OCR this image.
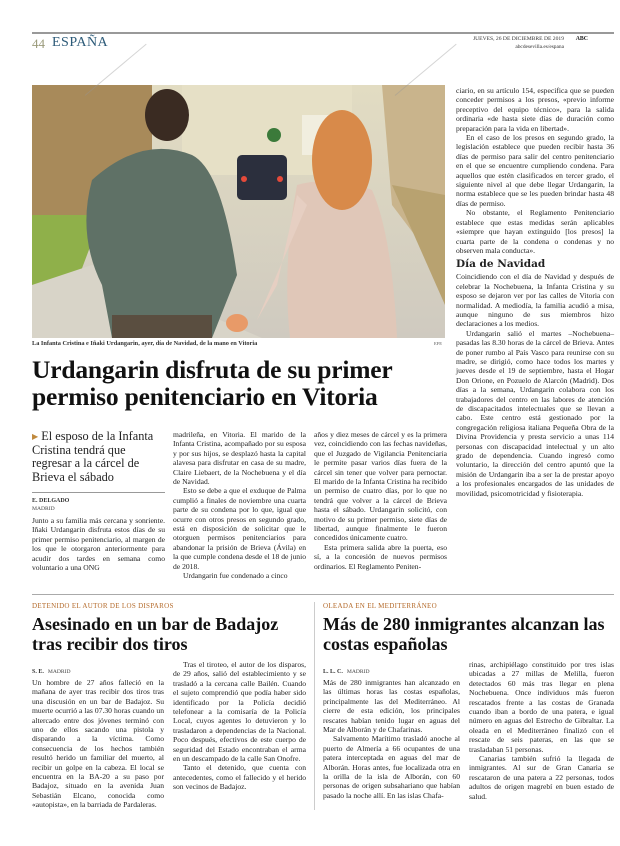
44 ESPAÑA	JUEVES, 26 DE DICIEMBRE DE 2019 ABC
abcdesevilla.es/espana
La Infanta Cristina e Iñaki Urdangarin, ayer, día de Navidad, de la mano en Vitoria	EFE
Urdangarin disfruta de su primer permiso penitenciario en Vitoria
▶ El esposo de la Infanta Cristina tendrá que regresar a la cárcel de Brieva el sábado
E. DELGADO
MADRID

Junto a su familia más cercana y sonriente. Iñaki Urdangarin disfruta estos días de su primer permiso penitenciario, al margen de los que le otorgaron anteriormente para acudir dos tardes en semana como voluntario a una ONG

madrileña, en Vitoria. El marido de la Infanta Cristina, acompañado por su esposa y por sus hijos, se desplazó hasta la capital alavesa para disfrutar en casa de su madre, Claire Liebaert, de la Nochebuena y el día de Navidad.

Esto se debe a que el exduque de Palma cumplió a finales de noviembre una cuarta parte de su condena por lo que, igual que ocurre con otros presos en segundo grado, está en disposición de solicitar que le otorguen permisos penitenciarios para abandonar la prisión de Brieva (Ávila) en la que cumple condena desde el 18 de junio de 2018.

Urdangarin fue condenado a cinco

años y diez meses de cárcel y es la primera vez, coincidiendo con las fechas navideñas, que el Juzgado de Vigilancia Penitenciaria le permite pasar varios días fuera de la cárcel sin tener que volver para pernoctar. El marido de la Infanta Cristina ha recibido un permiso de cuatro días, por lo que no tendrá que volver a la cárcel de Brieva hasta el sábado. Urdangarin solicitó, con motivo de su primer permiso, siete días de libertad, aunque finalmente le fueron concedidos únicamente cuatro.

Esta primera salida abre la puerta, eso sí, a la concesión de nuevos permisos ordinarios. El Reglamento Peniten-

ciario, en su artículo 154, especifica que se pueden conceder permisos a los presos, «previo informe preceptivo del equipo técnico», para la salida ordinaria «de hasta siete días de duración como preparación para la vida en libertad».

En el caso de los presos en segundo grado, la legislación establece que pueden recibir hasta 36 días de permiso para salir del centro penitenciario en el que se encuentre cumpliendo condena. Para aquellos que estén clasificados en tercer grado, el siguiente nivel al que debe llegar Urdangarin, la norma establece que se les pueden brindar hasta 48 días de permiso.

No obstante, el Reglamento Penitenciario establece que estas medidas serán aplicables «siempre que hayan extinguido [los presos] la cuarta parte de la condena o condenas y no observen mala conducta».

Día de Navidad

Coincidiendo con el día de Navidad y después de celebrar la Nochebuena, la Infanta Cristina y su esposo se dejaron ver por las calles de Vitoria con normalidad. A mediodía, la familia acudió a misa, aunque ninguno de sus miembros hizo declaraciones a los medios.

Urdangarin salió el martes –Nochebuena– pasadas las 8.30 horas de la cárcel de Brieva. Antes de poner rumbo al País Vasco para reunirse con su madre, se dirigió, como hace todos los martes y jueves desde el 19 de septiembre, hasta el Hogar Don Orione, en Pozuelo de Alarcón (Madrid). Dos días a la semana, Urdangarin colabora con los trabajadores del centro en las labores de atención de discapacitados intelectuales que se llevan a cabo. Este centro está gestionado por la congregación religiosa italiana Pequeña Obra de la Divina Providencia y presta servicio a unas 114 personas con discapacidad intelectual y un alto grado de dependencia. Cuando ingresó como voluntario, la dirección del centro apuntó que la misión de Urdangarin iba a ser la de prestar apoyo a los profesionales encargados de las unidades de movilidad, psicomotricidad y fisioterapia.

DETENIDO EL AUTOR DE LOS DISPAROS
Asesinado en un bar de Badajoz tras recibir dos tiros
S. E. MADRID

Un hombre de 27 años falleció en la mañana de ayer tras recibir dos tiros tras una discusión en un bar de Badajoz. Su muerte ocurrió a las 07.30 horas cuando un altercado entre dos jóvenes terminó con uno de ellos sacando una pistola y disparando a la víctima. Como consecuencia de los hechos también resultó herido un familiar del muerto, al recibir un golpe en la cabeza. El local se encuentra en la BA-20 a su paso por Badajoz, situado en la avenida Juan Sebastián Elcano, conocida como «autopista», en la barriada de Pardaleras.

Tras el tiroteo, el autor de los disparos, de 29 años, salió del establecimiento y se trasladó a la cercana calle Bailén. Cuando el sujeto comprendió que podía haber sido identificado por la Policía decidió telefonear a la comisaría de la Policía Local, cuyos agentes lo detuvieron y lo trasladaron a dependencias de la Nacional. Poco después, efectivos de este cuerpo de seguridad del Estado encontraban el arma en un descampado de la calle San Onofre.

Tanto el detenido, que cuenta con antecedentes, como el fallecido y el herido son vecinos de Badajoz.

OLEADA EN EL MEDITERRÁNEO
Más de 280 inmigrantes alcanzan las costas españolas
L. L. C. MADRID

Más de 280 inmigrantes han alcanzado en las últimas horas las costas españolas, principalmente las del Mediterráneo. Al cierre de esta edición, los principales rescates habían tenido lugar en aguas del Mar de Alborán y de Chafarinas.

Salvamento Marítimo trasladó anoche al puerto de Almería a 66 ocupantes de una patera interceptada en aguas del mar de Alborán. Horas antes, fue localizada otra en la orilla de la isla de Alborán, con 60 personas de origen subsahariano que habían pasado la noche allí. En las islas Chafa-

rinas, archipiélago constituido por tres islas ubicadas a 27 millas de Melilla, fueron detectados 60 más tras llegar en plena Nochebuena. Once individuos más fueron rescatados frente a las costas de Granada cuando iban a bordo de una patera, e igual número en aguas del Estrecho de Gibraltar. La oleada en el Mediterráneo finalizó con el rescate de seis pateras, en las que se trasladaban 51 personas.

Canarias también sufrió la llegada de inmigrantes. Al sur de Gran Canaria se rescataron de una patera a 22 personas, todos adultos de origen magrebí en buen estado de salud.
